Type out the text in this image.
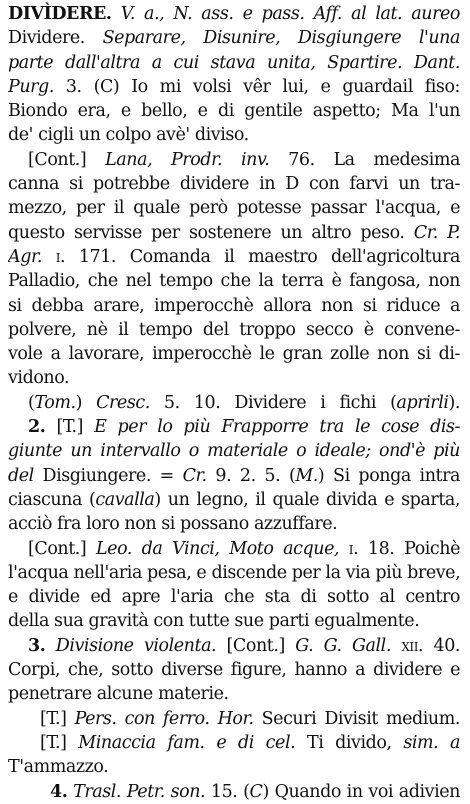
DIVÌDERE. V. a., N. ass. e pass. Aff. al lat. aureo
Dividere. Separare, Disunire, Disgiungere l'una
parte dall'altra a cui stava unita, Spartire. Dant.
Purg. 3. (C) Io mi volsi vêr lui, e guardail fiso:
Biondo era, e bello, e di gentile aspetto; Ma l'un
de' cigli un colpo avè' diviso.
[Cont.] Lana, Prodr. inv. 76. La medesima
canna si potrebbe dividere in D con farvi un tra-
mezzo, per il quale però potesse passar l'acqua, e
questo servisse per sostenere un altro peso. Cr. P.
Agr. i. 171. Comanda il maestro dell'agricoltura
Palladio, che nel tempo che la terra è fangosa, non
si debba arare, imperocchè allora non si riduce a
polvere, nè il tempo del troppo secco è convene-
vole a lavorare, imperocchè le gran zolle non si di-
vidono.
(Tom.) Cresc. 5. 10. Dividere i fichi (aprirli).
2. [T.] E per lo più Frapporre tra le cose dis-
giunte un intervallo o materiale o ideale; ond'è più
del Disgiungere. = Cr. 9. 2. 5. (M.) Si ponga intra
ciascuna (cavalla) un legno, il quale divida e sparta,
acciò fra loro non si possano azzuffare.
[Cont.] Leo. da Vinci, Moto acque, i. 18. Poichè
l'acqua nell'aria pesa, e discende per la via più breve,
e divide ed apre l'aria che sta di sotto al centro
della sua gravità con tutte sue parti egualmente.
3. Divisione violenta. [Cont.] G. G. Gall. xii. 40.
Corpi, che, sotto diverse figure, hanno a dividere e
penetrare alcune materie.
[T.] Pers. con ferro. Hor. Securi Divisit medium.
[T.] Minaccia fam. e di cel. Ti divido, sim. a
T'ammazzo.
4. Trasl. Petr. son. 15. (C) Quando in voi adivien
